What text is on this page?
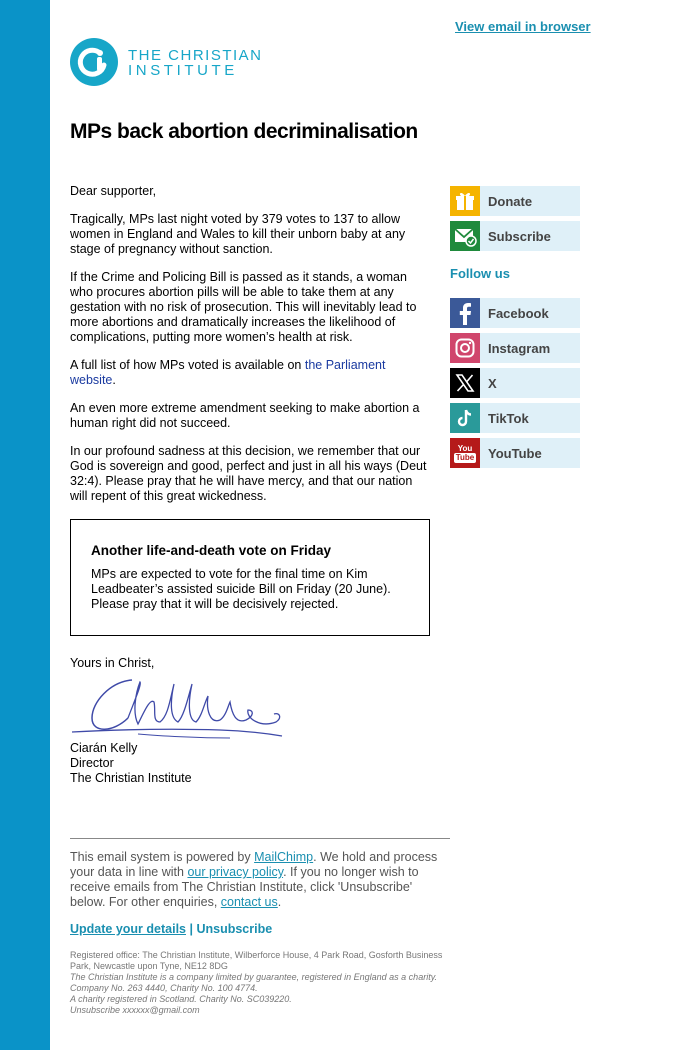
View email in browser
THE CHRISTIAN
INSTITUTE
MPs back abortion decriminalisation

Dear supporter,

Tragically, MPs last night voted by 379 votes to 137 to allow women in England and Wales to kill their unborn baby at any stage of pregnancy without sanction.

If the Crime and Policing Bill is passed as it stands, a woman who procures abortion pills will be able to take them at any gestation with no risk of prosecution. This will inevitably lead to more abortions and dramatically increases the likelihood of complications, putting more women’s health at risk.

A full list of how MPs voted is available on the Parliament website.

An even more extreme amendment seeking to make abortion a human right did not succeed.

In our profound sadness at this decision, we remember that our God is sovereign and good, perfect and just in all his ways (Deut 32:4). Please pray that he will have mercy, and that our nation will repent of this great wickedness.

Another life-and-death vote on Friday
MPs are expected to vote for the final time on Kim Leadbeater’s assisted suicide Bill on Friday (20 June). Please pray that it will be decisively rejected.
Yours in Christ,
Ciarán Kelly
Director
The Christian Institute
Donate
Subscribe
Follow us
Facebook
Instagram
X
TikTok
You
Tube YouTube
This email system is powered by MailChimp. We hold and process your data in line with our privacy policy. If you no longer wish to receive emails from The Christian Institute, click 'Unsubscribe' below. For other enquiries, contact us.
Update your details | Unsubscribe
Registered office: The Christian Institute, Wilberforce House, 4 Park Road, Gosforth Business Park, Newcastle upon Tyne, NE12 8DG
The Christian Institute is a company limited by guarantee, registered in England as a charity.
Company No. 263 4440, Charity No. 100 4774.
A charity registered in Scotland. Charity No. SC039220.
Unsubscribe xxxxxx@gmail.com
